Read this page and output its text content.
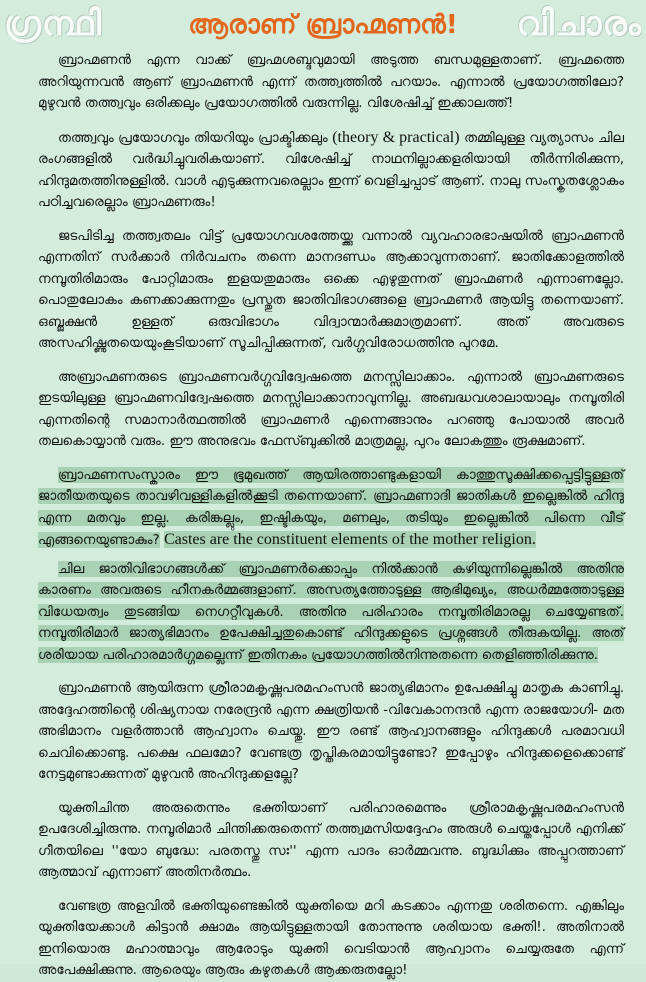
ഗ്രന്ഥി	ആരാണ് ബ്രാഹ്മണൻ!	വിചാരം

ബ്രാഹ്മണൻ എന്ന വാക്ക് ബ്രഹ്മശബ്ദവുമായി അടുത്ത ബന്ധമുള്ളതാണ്. ബ്രഹ്മത്തെ അറിയുന്നവൻ ആണ് ബ്രാഹ്മണൻ എന്ന് തത്ത്വത്തിൽ പറയാം. എന്നാൽ പ്രയോഗത്തിലോ? മുഴുവൻ തത്ത്വവും ഒരിക്കലും പ്രയോഗത്തിൽ വരുന്നില്ല. വിശേഷിച്ച് ഇക്കാലത്ത്!

തത്ത്വവും പ്രയോഗവും തിയറിയും പ്രാക്ടിക്കലും (theory & practical) തമ്മിലുള്ള വ്യത്യാസം ചില രംഗങ്ങളിൽ വർദ്ധിച്ചുവരികയാണ്. വിശേഷിച്ച് നാഥനില്ലാക്കളരിയായി തീർന്നിരിക്കുന്ന, ഹിന്ദുമതത്തിനുള്ളിൽ. വാൾ എടുക്കുന്നവരെല്ലാം ഇന്ന് വെളിച്ചപ്പാട് ആണ്. നാലു സംസ്കൃതശ്ലോകം പഠിച്ചവരെല്ലാം ബ്രാഹ്മണരും!

ജടപിടിച്ച തത്ത്വതലം വിട്ട് പ്രയോഗവശത്തേയ്ക്കു വന്നാൽ വ്യവഹാരഭാഷയിൽ ബ്രാഹ്മണൻ എന്നതിന് സർക്കാർ നിർവചനം തന്നെ മാനദണ്ഡം ആക്കാവുന്നതാണ്. ജാതിക്കോളത്തിൽ നമ്പൂതിരിമാരും പോറ്റിമാരും ഇളയതുമാരും ഒക്കെ എഴുതുന്നത് ബ്രാഹ്മണർ എന്നാണല്ലോ. പൊതുലോകം കണക്കാക്കുന്നതും പ്രസ്തുത ജാതിവിഭാഗങ്ങളെ ബ്രാഹ്മണർ ആയിട്ടു തന്നെയാണ്. ഒബ്ജക്ഷൻ ഉള്ളത് ഒരുവിഭാഗം വിദ്വാന്മാർക്കുമാത്രമാണ്. അത് അവരുടെ അസഹിഷ്ണുതയെയുംകൂടിയാണ് സൂചിപ്പിക്കുന്നത്, വർഗ്ഗവിരോധത്തിനു പുറമേ.

അബ്രാഹ്മണരുടെ ബ്രാഹ്മണവർഗ്ഗവിദ്വേഷത്തെ മനസ്സിലാക്കാം. എന്നാൽ ബ്രാഹ്മണരുടെ ഇടയിലുള്ള ബ്രാഹ്മണവിദ്വേഷത്തെ മനസ്സിലാക്കാനാവുന്നില്ല. അബദ്ധവശാലായാലും നമ്പൂതിരി എന്നതിന്റെ സമാനാർത്ഥത്തിൽ ബ്രാഹ്മണർ എന്നെങ്ങാനും പറഞ്ഞു പോയാൽ അവർ തലകൊയ്യാൻ വരും. ഈ അനുഭവം ഫേസ്ബുക്കിൽ മാത്രമല്ല, പുറം ലോകത്തും രൂക്ഷമാണ്.

ബ്രാഹ്മണസംസ്കാരം ഈ ഭൂമുഖത്ത് ആയിരത്താണ്ടുകളായി കാത്തുസൂക്ഷിക്കപ്പെട്ടിട്ടുള്ളത് ജാതീയതയുടെ താവഴിവള്ളികളിൽക്കൂടി തന്നെയാണ്. ബ്രാഹ്മണാദി ജാതികൾ ഇല്ലെങ്കിൽ ഹിന്ദു എന്ന മതവും ഇല്ല. കരിങ്കല്ലും, ഇഷ്ടികയും, മണലും, തടിയും ഇല്ലെങ്കിൽ പിന്നെ വീട് എങ്ങനെയുണ്ടാകും? Castes are the constituent elements of the mother religion.

ചില ജാതിവിഭാഗങ്ങൾക്ക് ബ്രാഹ്മണർക്കൊപ്പം നിൽക്കാൻ കഴിയുന്നില്ലെങ്കിൽ അതിനു കാരണം അവരുടെ ഹീനകർമ്മങ്ങളാണ്. അസത്യത്തോടുള്ള ആഭിമുഖ്യം, അധർമ്മത്തോടുള്ള വിധേയത്വം തുടങ്ങിയ നെഗറ്റീവുകൾ. അതിനു പരിഹാരം നമ്പൂതിരിമാരല്ല ചെയ്യേണ്ടത്. നമ്പൂതിരിമാർ ജാത്യഭിമാനം ഉപേക്ഷിച്ചതുകൊണ്ട് ഹിന്ദുക്കളുടെ പ്രശ്നങ്ങൾ തീരുകയില്ല. അത് ശരിയായ പരിഹാരമാർഗ്ഗമല്ലെന്ന് ഇതിനകം പ്രയോഗത്തിൽനിന്നുതന്നെ തെളിഞ്ഞിരിക്കുന്നു.

ബ്രാഹ്മണൻ ആയിരുന്ന ശ്രീരാമകൃഷ്ണപരമഹംസൻ ജാത്യഭിമാനം ഉപേക്ഷിച്ചു മാതൃക കാണിച്ചു. അദ്ദേഹത്തിന്റെ ശിഷ്യനായ നരേന്ദ്രൻ എന്ന ക്ഷത്രിയൻ -വിവേകാനന്ദൻ എന്ന രാജയോഗി- മത അഭിമാനം വളർത്താൻ ആഹ്വാനം ചെയ്തു. ഈ രണ്ട് ആഹ്വാനങ്ങളും ഹിന്ദുക്കൾ പരമാവധി ചെവിക്കൊണ്ടു. പക്ഷെ ഫലമോ? വേണ്ടത്ര തൃപ്തികരമായിട്ടുണ്ടോ? ഇപ്പോഴും ഹിന്ദുക്കളെക്കൊണ്ട് നേട്ടമുണ്ടാക്കുന്നത് മുഴുവൻ അഹിന്ദുക്കളല്ലേ?

യുക്തിചിന്ത അരുതെന്നും ഭക്തിയാണ് പരിഹാരമെന്നും ശ്രീരാമകൃഷ്ണപരമഹംസൻ ഉപദേശിച്ചിരുന്നു. നമ്പൂരിമാർ ചിന്തിക്കരുതെന്ന് തത്ത്വമസിയദ്ദേഹം അരുൾ ചെയ്തപ്പോൾ എനിക്ക് ഗീതയിലെ ''യോ ബുദ്ധേ: പരതസ്തു സഃ'' എന്ന പാദം ഓർമ്മവന്നു. ബുദ്ധിക്കും അപ്പുറത്താണ് ആത്മാവ് എന്നാണ് അതിനർത്ഥം.

വേണ്ടത്ര അളവിൽ ഭക്തിയുണ്ടെങ്കിൽ യുക്തിയെ മറി കടക്കാം എന്നതു ശരിതന്നെ. എങ്കിലും യുക്തിയേക്കാൾ കിട്ടാൻ ക്ഷാമം ആയിട്ടുള്ളതായി തോന്നുന്നു ശരിയായ ഭക്തി!. അതിനാൽ ഇനിയൊരു മഹാത്മാവും ആരോടും യുക്തി വെടിയാൻ ആഹ്വാനം ചെയ്യരുതേ എന്ന് അപേക്ഷിക്കുന്നു. ആരെയും ആരും കഴുതകൾ ആക്കരുതല്ലോ!
